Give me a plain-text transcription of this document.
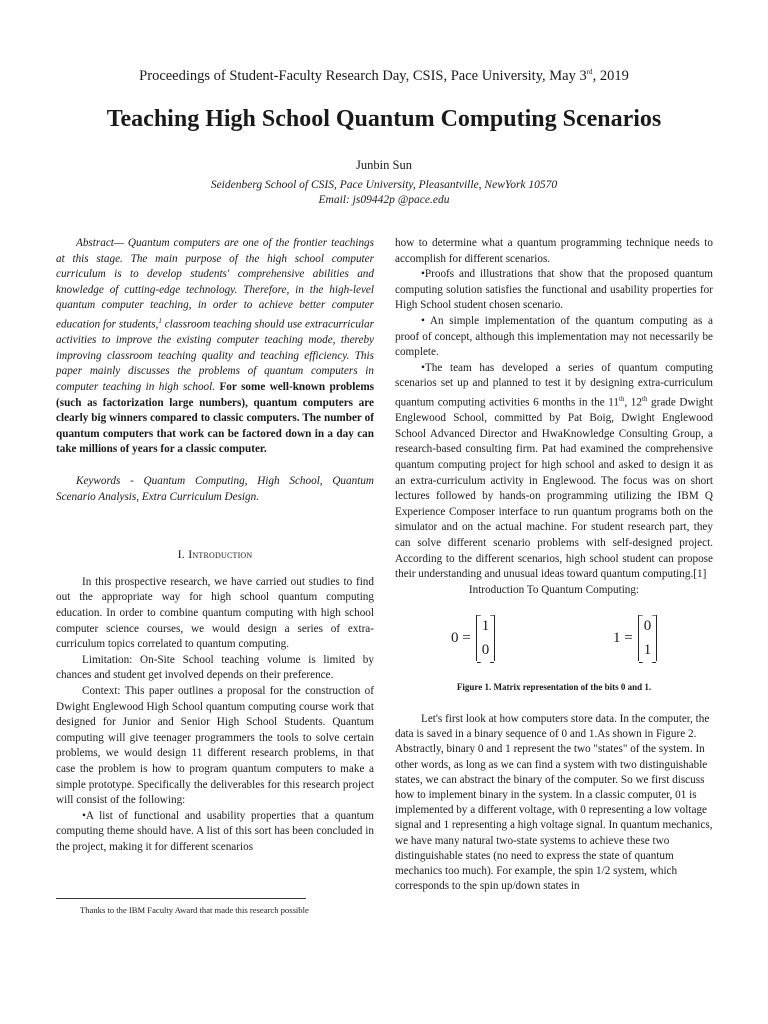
Proceedings of Student-Faculty Research Day, CSIS, Pace University, May 3rd, 2019
Teaching High School Quantum Computing Scenarios
Junbin Sun
Seidenberg School of CSIS, Pace University, Pleasantville, NewYork 10570
Email: js09442p @pace.edu

Abstract— Quantum computers are one of the frontier teachings at this stage. The main purpose of the high school computer curriculum is to develop students' comprehensive abilities and knowledge of cutting-edge technology. Therefore, in the high-level quantum computer teaching, in order to achieve better computer education for students,$^1$ classroom teaching should use extracurricular activities to improve the existing computer teaching mode, thereby improving classroom teaching quality and teaching efficiency. This paper mainly discusses the problems of quantum computers in computer teaching in high school. For some well-known problems (such as factorization large numbers), quantum computers are clearly big winners compared to classic computers. The number of quantum computers that work can be factored down in a day can take millions of years for a classic computer.

Keywords - Quantum Computing, High School, Quantum Scenario Analysis, Extra Curriculum Design.

I. Introduction

In this prospective research, we have carried out studies to find out the appropriate way for high school quantum computing education. In order to combine quantum computing with high school computer science courses, we would design a series of extra-curriculum topics correlated to quantum computing.

Limitation: On-Site School teaching volume is limited by chances and student get involved depends on their preference.

Context: This paper outlines a proposal for the construction of Dwight Englewood High School quantum computing course work that designed for Junior and Senior High School Students. Quantum computing will give teenager programmers the tools to solve certain problems, we would design 11 different research problems, in that case the problem is how to program quantum computers to make a simple prototype. Specifically the deliverables for this research project will consist of the following:

•A list of functional and usability properties that a quantum computing theme should have. A list of this sort has been concluded in the project, making it for different scenarios

Thanks to the IBM Faculty Award that made this research possible

how to determine what a quantum programming technique needs to accomplish for different scenarios.

•Proofs and illustrations that show that the proposed quantum computing solution satisfies the functional and usability properties for High School student chosen scenario.

• An simple implementation of the quantum computing as a proof of concept, although this implementation may not necessarily be complete.

•The team has developed a series of quantum computing scenarios set up and planned to test it by designing extra-curriculum quantum computing activities 6 months in the 11th, 12th grade Dwight Englewood School, committed by Pat Boig, Dwight Englewood School Advanced Director and HwaKnowledge Consulting Group, a research-based consulting firm. Pat had examined the comprehensive quantum computing project for high school and asked to design it as an extra-curriculum activity in Englewood. The focus was on short lectures followed by hands-on programming utilizing the IBM Q Experience Composer interface to run quantum programs both on the simulator and on the actual machine. For student research part, they can solve different scenario problems with self-designed project. According to the different scenarios, high school student can propose their understanding and unusual ideas toward quantum computing.[1]

Introduction To Quantum Computing:

0 =
1
0
1 =
0
1

Figure 1. Matrix representation of the bits 0 and 1.

Let's first look at how computers store data. In the computer, the data is saved in a binary sequence of 0 and 1.As shown in Figure 2. Abstractly, binary 0 and 1 represent the two "states" of the system. In other words, as long as we can find a system with two distinguishable states, we can abstract the binary of the computer. So we first discuss how to implement binary in the system. In a classic computer, 01 is implemented by a different voltage, with 0 representing a low voltage signal and 1 representing a high voltage signal. In quantum mechanics, we have many natural two-state systems to achieve these two distinguishable states (no need to express the state of quantum mechanics too much). For example, the spin 1/2 system, which corresponds to the spin up/down states in
